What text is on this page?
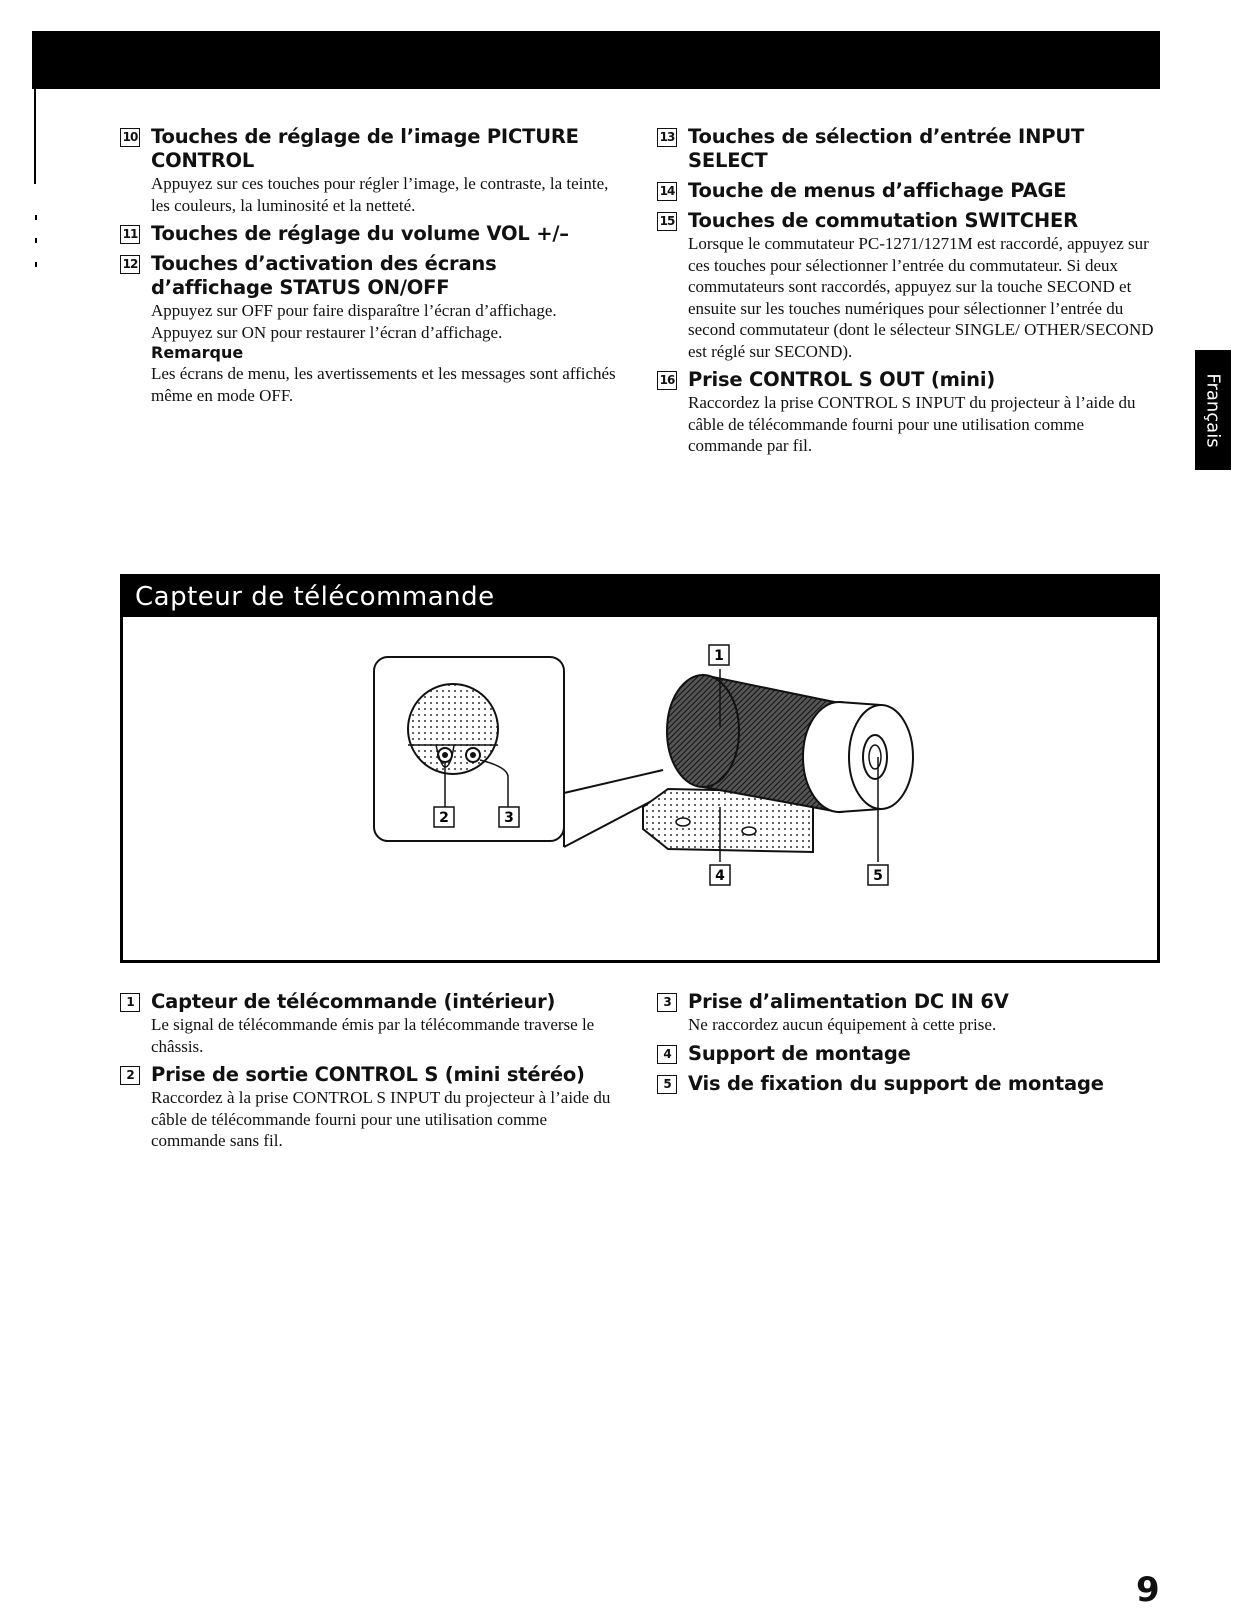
Français
10 Touches de réglage de l’image PICTURE CONTROL
Appuyez sur ces touches pour régler l’image, le contraste, la teinte, les couleurs, la luminosité et la netteté.
11 Touches de réglage du volume VOL +/–
12 Touches d’activation des écrans d’affichage STATUS ON/OFF
Appuyez sur OFF pour faire disparaître l’écran d’affichage.
Appuyez sur ON pour restaurer l’écran d’affichage.
Remarque
Les écrans de menu, les avertissements et les messages sont affichés même en mode OFF.
13 Touches de sélection d’entrée INPUT SELECT
14 Touche de menus d’affichage PAGE
15 Touches de commutation SWITCHER
Lorsque le commutateur PC-1271/1271M est raccordé, appuyez sur ces touches pour sélectionner l’entrée du commutateur. Si deux commutateurs sont raccordés, appuyez sur la touche SECOND et ensuite sur les touches numériques pour sélectionner l’entrée du second commutateur (dont le sélecteur SINGLE/ OTHER/SECOND est réglé sur SECOND).
16 Prise CONTROL S OUT (mini)
Raccordez la prise CONTROL S INPUT du projecteur à l’aide du câble de télécommande fourni pour une utilisation comme commande par fil.
Capteur de télécommande
1
2	3
4	5
1 Capteur de télécommande (intérieur)
Le signal de télécommande émis par la télécommande traverse le châssis.
2 Prise de sortie CONTROL S (mini stéréo)
Raccordez à la prise CONTROL S INPUT du projecteur à l’aide du câble de télécommande fourni pour une utilisation comme commande sans fil.
3 Prise d’alimentation DC IN 6V
Ne raccordez aucun équipement à cette prise.
4 Support de montage
5 Vis de fixation du support de montage
9
